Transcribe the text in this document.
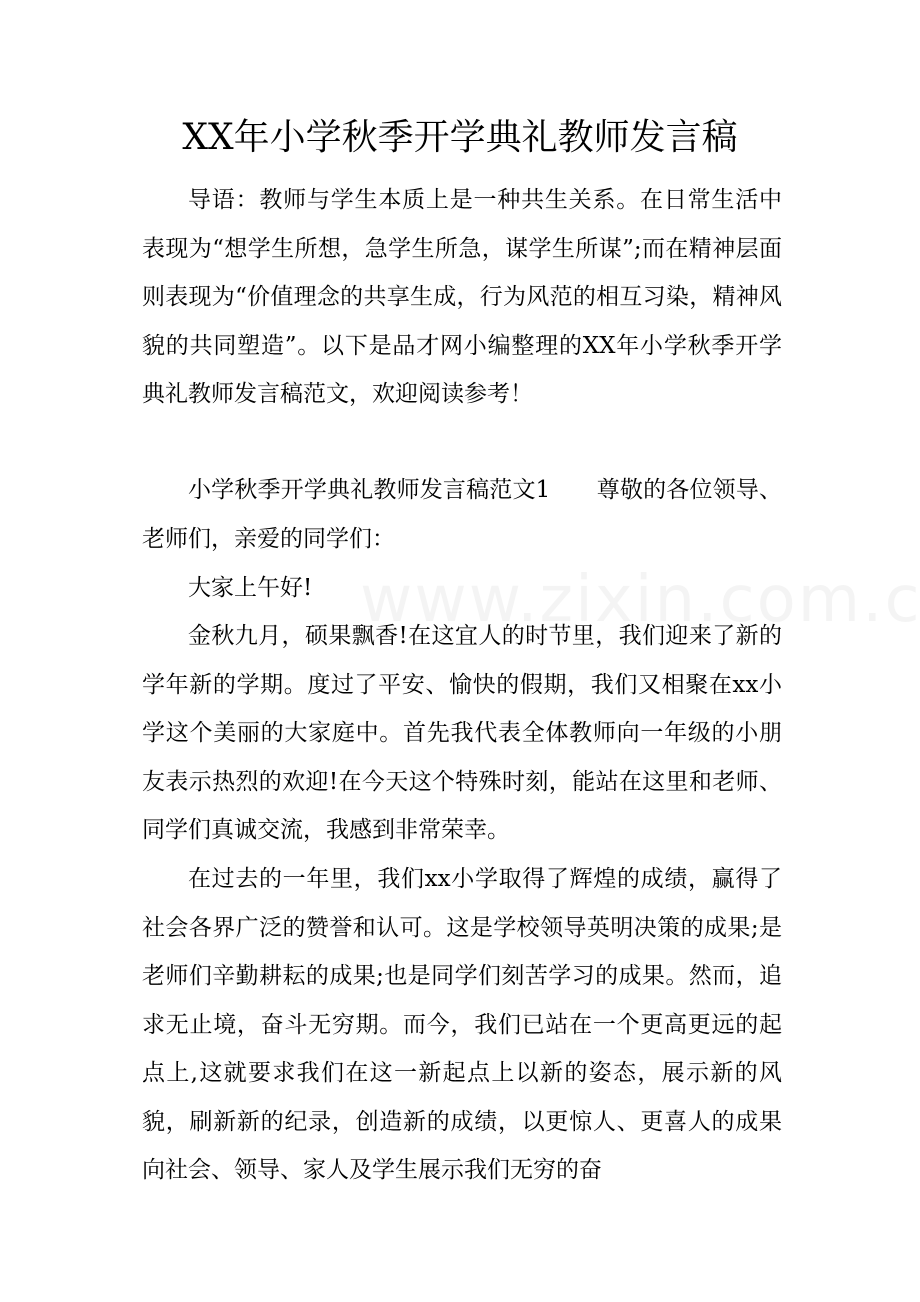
XX年小学秋季开学典礼教师发言稿

导语：教师与学生本质上是一种共生关系。在日常生活中表现为“想学生所想，急学生所急，谋学生所谋”;而在精神层面则表现为“价值理念的共享生成，行为风范的相互习染，精神风貌的共同塑造”。以下是品才网小编整理的XX年小学秋季开学典礼教师发言稿范文，欢迎阅读参考！

小学秋季开学典礼教师发言稿范文1　　尊敬的各位领导、老师们，亲爱的同学们：

大家上午好!

金秋九月，硕果飘香!在这宜人的时节里，我们迎来了新的学年新的学期。度过了平安、愉快的假期，我们又相聚在xx小学这个美丽的大家庭中。首先我代表全体教师向一年级的小朋友表示热烈的欢迎!在今天这个特殊时刻，能站在这里和老师、同学们真诚交流，我感到非常荣幸。

在过去的一年里，我们xx小学取得了辉煌的成绩，赢得了社会各界广泛的赞誉和认可。这是学校领导英明决策的成果;是老师们辛勤耕耘的成果;也是同学们刻苦学习的成果。然而，追求无止境，奋斗无穷期。而今，我们已站在一个更高更远的起点上,这就要求我们在这一新起点上以新的姿态，展示新的风貌，刷新新的纪录，创造新的成绩，以更惊人、更喜人的成果向社会、领导、家人及学生展示我们无穷的奋
